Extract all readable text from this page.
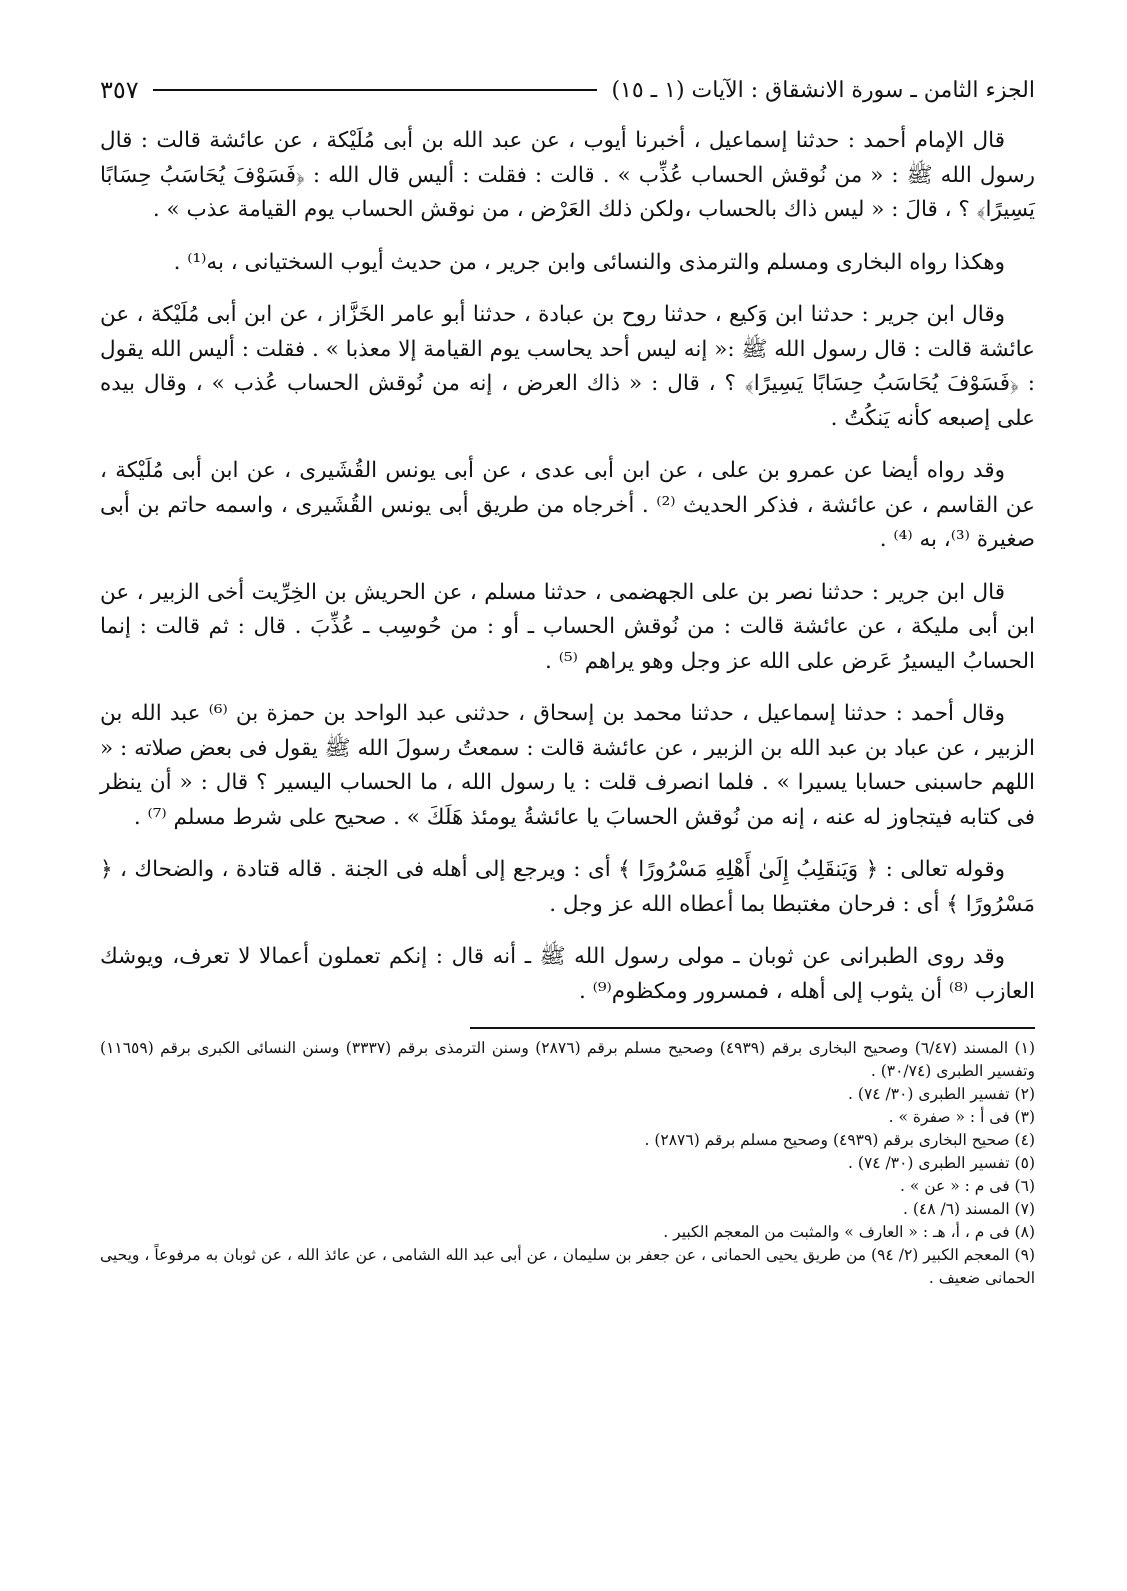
الجزء الثامن ـ سورة الانشقاق : الآيات (١ ـ ١٥)
٣٥٧

قال الإمام أحمد : حدثنا إسماعيل ، أخبرنا أيوب ، عن عبد الله بن أبى مُلَيْكة ، عن عائشة قالت : قال رسول الله ﷺ : « من نُوقش الحساب عُذِّب » . قالت : فقلت : أليس قال الله : ﴿فَسَوْفَ يُحَاسَبُ حِسَابًا يَسِيرًا﴾ ؟ ، قالَ : « ليس ذاك بالحساب ،ولكن ذلك العَرْض ، من نوقش الحساب يوم القيامة عذب » .

وهكذا رواه البخارى ومسلم والترمذى والنسائى وابن جرير ، من حديث أيوب السختيانى ، به⁽¹⁾ .

وقال ابن جرير : حدثنا ابن وَكيع ، حدثنا روح بن عبادة ، حدثنا أبو عامر الخَزَّاز ، عن ابن أبى مُلَيْكة ، عن عائشة قالت : قال رسول الله ﷺ :« إنه ليس أحد يحاسب يوم القيامة إلا معذبا » . فقلت : أليس الله يقول : ﴿فَسَوْفَ يُحَاسَبُ حِسَابًا يَسِيرًا﴾ ؟ ، قال : « ذاك العرض ، إنه من نُوقش الحساب عُذب » ، وقال بيده على إصبعه كأنه يَنكُتُ .

وقد رواه أيضا عن عمرو بن على ، عن ابن أبى عدى ، عن أبى يونس القُشَيرى ، عن ابن أبى مُلَيْكة ، عن القاسم ، عن عائشة ، فذكر الحديث ⁽²⁾ . أخرجاه من طريق أبى يونس القُشَيرى ، واسمه حاتم بن أبى صغيرة ⁽³⁾، به ⁽⁴⁾ .

قال ابن جرير : حدثنا نصر بن على الجهضمى ، حدثنا مسلم ، عن الحريش بن الخِرِّيت أخى الزبير ، عن ابن أبى مليكة ، عن عائشة قالت : من نُوقش الحساب ـ أو : من حُوسِب ـ عُذِّبَ . قال : ثم قالت : إنما الحسابُ اليسيرُ عَرض على الله عز وجل وهو يراهم ⁽⁵⁾ .

وقال أحمد : حدثنا إسماعيل ، حدثنا محمد بن إسحاق ، حدثنى عبد الواحد بن حمزة بن ⁽⁶⁾ عبد الله بن الزبير ، عن عباد بن عبد الله بن الزبير ، عن عائشة قالت : سمعتُ رسولَ الله ﷺ يقول فى بعض صلاته : « اللهم حاسبنى حسابا يسيرا » . فلما انصرف قلت : يا رسول الله ، ما الحساب اليسير ؟ قال : « أن ينظر فى كتابه فيتجاوز له عنه ، إنه من نُوقش الحسابَ يا عائشةُ يومئذ هَلَكَ » . صحيح على شرط مسلم ⁽⁷⁾ .

وقوله تعالى : ﴿ وَيَنقَلِبُ إِلَىٰ أَهْلِهِ مَسْرُورًا ﴾ أى : ويرجع إلى أهله فى الجنة . قاله قتادة ، والضحاك ، ﴿ مَسْرُورًا ﴾ أى : فرحان مغتبطا بما أعطاه الله عز وجل .

وقد روى الطبرانى عن ثوبان ـ مولى رسول الله ﷺ ـ أنه قال : إنكم تعملون أعمالا لا تعرف، ويوشك العازب ⁽⁸⁾ أن يثوب إلى أهله ، فمسرور ومكظوم⁽⁹⁾ .

(١) المسند (٦/٤٧) وصحيح البخارى برقم (٤٩٣٩) وصحيح مسلم برقم (٢٨٧٦) وسنن الترمذى برقم (٣٣٣٧) وسنن النسائى الكبرى برقم (١١٦٥٩) وتفسير الطبرى (٣٠/٧٤) .
(٢) تفسير الطبرى (٣٠/ ٧٤) .
(٣) فى أ : « صفرة » .
(٤) صحيح البخارى برقم (٤٩٣٩) وصحيح مسلم برقم (٢٨٧٦) .
(٥) تفسير الطبرى (٣٠/ ٧٤) .
(٦) فى م : « عن » .
(٧) المسند (٦/ ٤٨) .
(٨) فى م ، أ، هـ : « العارف » والمثبت من المعجم الكبير .
(٩) المعجم الكبير (٢/ ٩٤) من طريق يحيى الحمانى ، عن جعفر بن سليمان ، عن أبى عبد الله الشامى ، عن عائذ الله ، عن ثوبان به مرفوعاً ، ويحيى الحمانى ضعيف .
